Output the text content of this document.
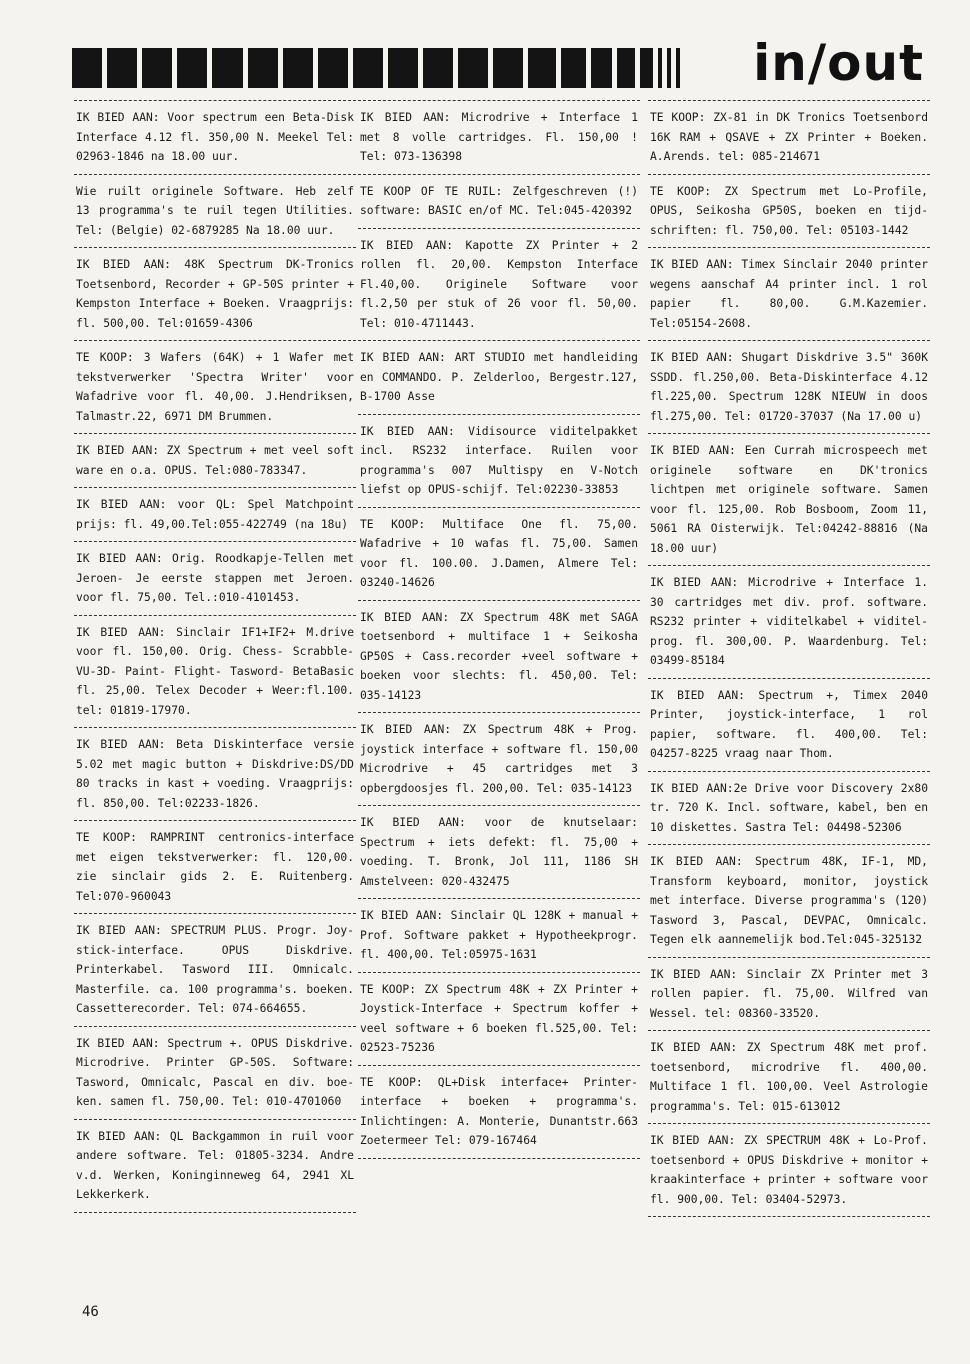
in/out
IK BIED AAN: Voor spectrum een Beta-Disk Interface 4.12 fl. 350,00 N. Meekel Tel: 02963-1846 na 18.00 uur.
Wie ruilt originele Software. Heb zelf 13 programma's te ruil tegen Utilities. Tel: (Belgie) 02-6879285 Na 18.00 uur.
IK BIED AAN: 48K Spectrum DK-Tronics Toetsenbord, Recorder + GP-50S printer + Kempston Interface + Boeken. Vraagprijs: fl. 500,00. Tel:01659-4306
TE KOOP: 3 Wafers (64K) + 1 Wafer met tekstverwerker 'Spectra Writer' voor Wafadrive voor fl. 40,00. J.Hendriksen, Talmastr.22, 6971 DM Brummen.
IK BIED AAN: ZX Spectrum + met veel soft ware en o.a. OPUS. Tel:080-783347.
IK BIED AAN: voor QL: Spel Matchpoint prijs: fl. 49,00.Tel:055-422749 (na 18u)
IK BIED AAN: Orig. Roodkapje-Tellen met Jeroen- Je eerste stappen met Jeroen. voor fl. 75,00. Tel.:010-4101453.
IK BIED AAN: Sinclair IF1+IF2+ M.drive voor fl. 150,00. Orig. Chess- Scrabble- VU-3D- Paint- Flight- Tasword- BetaBasic fl. 25,00. Telex Decoder + Weer:fl.100. tel: 01819-17970.
IK BIED AAN: Beta Diskinterface versie 5.02 met magic button + Diskdrive:DS/DD 80 tracks in kast + voeding. Vraagprijs: fl. 850,00. Tel:02233-1826.
TE KOOP: RAMPRINT centronics-interface met eigen tekstverwerker: fl. 120,00. zie sinclair gids 2. E. Ruitenberg. Tel:070-960043
IK BIED AAN: SPECTRUM PLUS. Progr. Joy-stick-interface. OPUS Diskdrive. Printerkabel. Tasword III. Omnicalc. Masterfile. ca. 100 programma's. boeken. Cassetterecorder. Tel: 074-664655.
IK BIED AAN: Spectrum +. OPUS Diskdrive. Microdrive. Printer GP-50S. Software: Tasword, Omnicalc, Pascal en div. boe-ken. samen fl. 750,00. Tel: 010-4701060
IK BIED AAN: QL Backgammon in ruil voor andere software. Tel: 01805-3234. Andre v.d. Werken, Koninginneweg 64, 2941 XL Lekkerkerk.
IK BIED AAN: Microdrive + Interface 1 met 8 volle cartridges. Fl. 150,00 ! Tel: 073-136398
TE KOOP OF TE RUIL: Zelfgeschreven (!) software: BASIC en/of MC. Tel:045-420392
IK BIED AAN: Kapotte ZX Printer + 2 rollen fl. 20,00. Kempston Interface Fl.40,00. Originele Software voor fl.2,50 per stuk of 26 voor fl. 50,00. Tel: 010-4711443.
IK BIED AAN: ART STUDIO met handleiding en COMMANDO. P. Zelderloo, Bergestr.127, B-1700 Asse
IK BIED AAN: Vidisource viditelpakket incl. RS232 interface. Ruilen voor programma's 007 Multispy en V-Notch liefst op OPUS-schijf. Tel:02230-33853
TE KOOP: Multiface One fl. 75,00. Wafadrive + 10 wafas fl. 75,00. Samen voor fl. 100.00. J.Damen, Almere Tel: 03240-14626
IK BIED AAN: ZX Spectrum 48K met SAGA toetsenbord + multiface 1 + Seikosha GP50S + Cass.recorder +veel software + boeken voor slechts: fl. 450,00. Tel: 035-14123
IK BIED AAN: ZX Spectrum 48K + Prog. joystick interface + software fl. 150,00 Microdrive + 45 cartridges met 3 opbergdoosjes fl. 200,00. Tel: 035-14123
IK BIED AAN: voor de knutselaar: Spectrum + iets defekt: fl. 75,00 + voeding. T. Bronk, Jol 111, 1186 SH Amstelveen: 020-432475
IK BIED AAN: Sinclair QL 128K + manual + Prof. Software pakket + Hypotheekprogr. fl. 400,00. Tel:05975-1631
TE KOOP: ZX Spectrum 48K + ZX Printer + Joystick-Interface + Spectrum koffer + veel software + 6 boeken fl.525,00. Tel: 02523-75236
TE KOOP: QL+Disk interface+ Printer-interface + boeken + programma's. Inlichtingen: A. Monterie, Dunantstr.663 Zoetermeer Tel: 079-167464
TE KOOP: ZX-81 in DK Tronics Toetsenbord 16K RAM + QSAVE + ZX Printer + Boeken. A.Arends. tel: 085-214671
TE KOOP: ZX Spectrum met Lo-Profile, OPUS, Seikosha GP50S, boeken en tijd-schriften: fl. 750,00. Tel: 05103-1442
IK BIED AAN: Timex Sinclair 2040 printer wegens aanschaf A4 printer incl. 1 rol papier fl. 80,00. G.M.Kazemier. Tel:05154-2608.
IK BIED AAN: Shugart Diskdrive 3.5" 360K SSDD. fl.250,00. Beta-Diskinterface 4.12 fl.225,00. Spectrum 128K NIEUW in doos fl.275,00. Tel: 01720-37037 (Na 17.00 u)
IK BIED AAN: Een Currah microspeech met originele software en DK'tronics lichtpen met originele software. Samen voor fl. 125,00. Rob Bosboom, Zoom 11, 5061 RA Oisterwijk. Tel:04242-88816 (Na 18.00 uur)
IK BIED AAN: Microdrive + Interface 1. 30 cartridges met div. prof. software. RS232 printer + viditelkabel + viditel-prog. fl. 300,00. P. Waardenburg. Tel: 03499-85184
IK BIED AAN: Spectrum +, Timex 2040 Printer, joystick-interface, 1 rol papier, software. fl. 400,00. Tel: 04257-8225 vraag naar Thom.
IK BIED AAN:2e Drive voor Discovery 2x80 tr. 720 K. Incl. software, kabel, ben en 10 diskettes. Sastra Tel: 04498-52306
IK BIED AAN: Spectrum 48K, IF-1, MD, Transform keyboard, monitor, joystick met interface. Diverse programma's (120) Tasword 3, Pascal, DEVPAC, Omnicalc. Tegen elk aannemelijk bod.Tel:045-325132
IK BIED AAN: Sinclair ZX Printer met 3 rollen papier. fl. 75,00. Wilfred van Wessel. tel: 08360-33520.
IK BIED AAN: ZX Spectrum 48K met prof. toetsenbord, microdrive fl. 400,00. Multiface 1 fl. 100,00. Veel Astrologie programma's. Tel: 015-613012
IK BIED AAN: ZX SPECTRUM 48K + Lo-Prof. toetsenbord + OPUS Diskdrive + monitor + kraakinterface + printer + software voor fl. 900,00. Tel: 03404-52973.
46
